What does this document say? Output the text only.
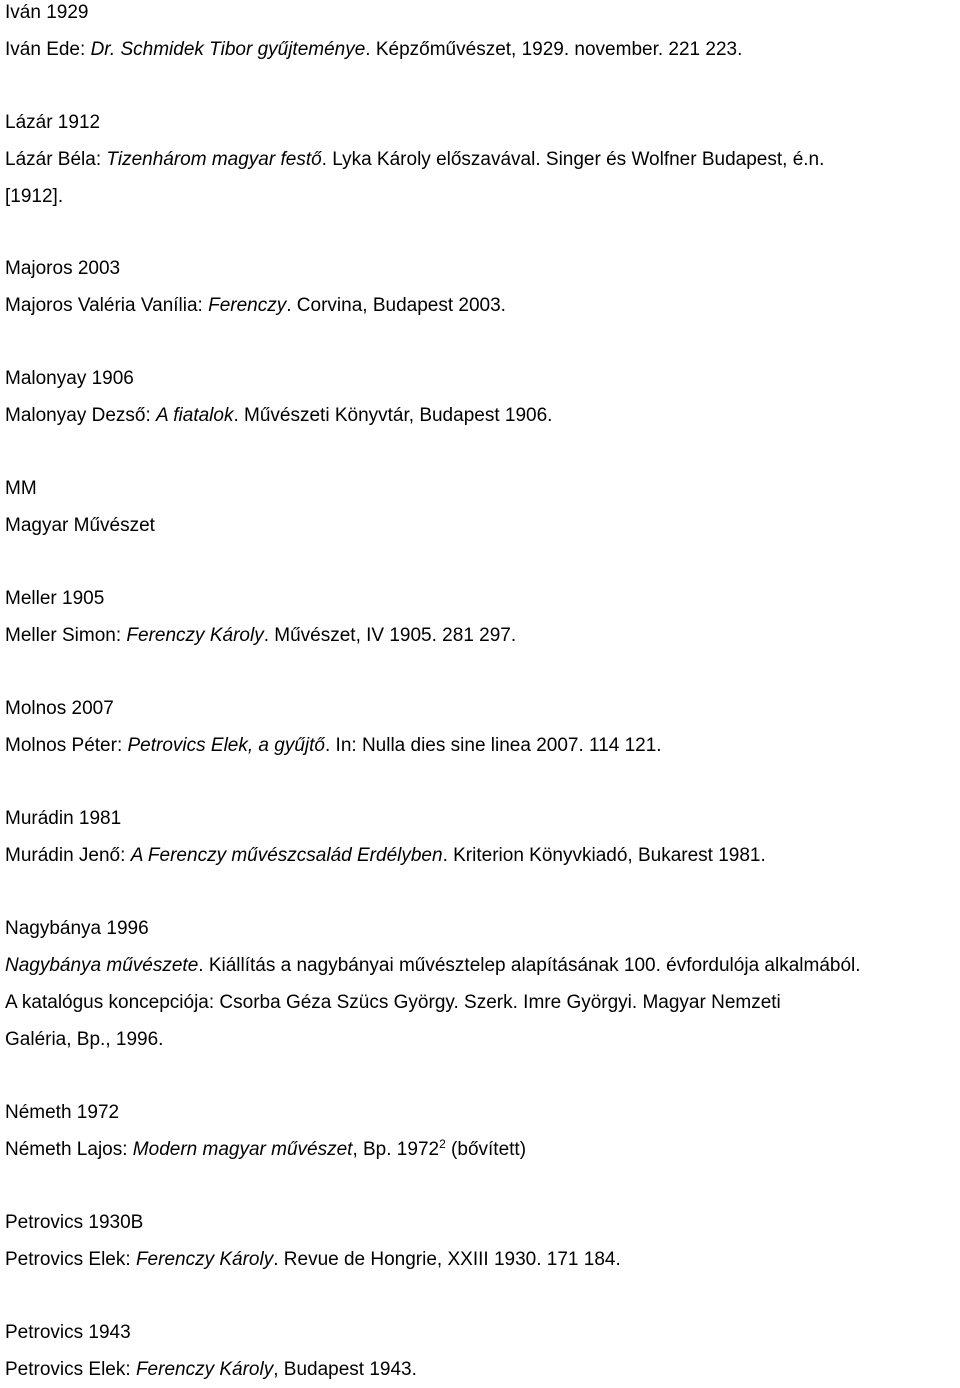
Iván 1929
Iván Ede: Dr. Schmidek Tibor gyűjteménye. Képzőművészet, 1929. november. 221 223.
Lázár 1912
Lázár Béla: Tizenhárom magyar festő. Lyka Károly előszavával. Singer és Wolfner Budapest, é.n.
[1912].
Majoros 2003
Majoros Valéria Vanília: Ferenczy. Corvina, Budapest 2003.
Malonyay 1906
Malonyay Dezső: A fiatalok. Művészeti Könyvtár, Budapest 1906.
MM
Magyar Művészet
Meller 1905
Meller Simon: Ferenczy Károly. Művészet, IV 1905. 281 297.
Molnos 2007
Molnos Péter: Petrovics Elek, a gyűjtő. In: Nulla dies sine linea 2007. 114 121.
Murádin 1981
Murádin Jenő: A Ferenczy művészcsalád Erdélyben. Kriterion Könyvkiadó, Bukarest 1981.
Nagybánya 1996
Nagybánya művészete. Kiállítás a nagybányai művésztelep alapításának 100. évfordulója alkalmából.
A katalógus koncepciója: Csorba Géza Szücs György. Szerk. Imre Györgyi. Magyar Nemzeti
Galéria, Bp., 1996.
Németh 1972
Németh Lajos: Modern magyar művészet, Bp. 1972$^2$ (bővített)
Petrovics 1930B
Petrovics Elek: Ferenczy Károly. Revue de Hongrie, XXIII 1930. 171 184.
Petrovics 1943
Petrovics Elek: Ferenczy Károly, Budapest 1943.
